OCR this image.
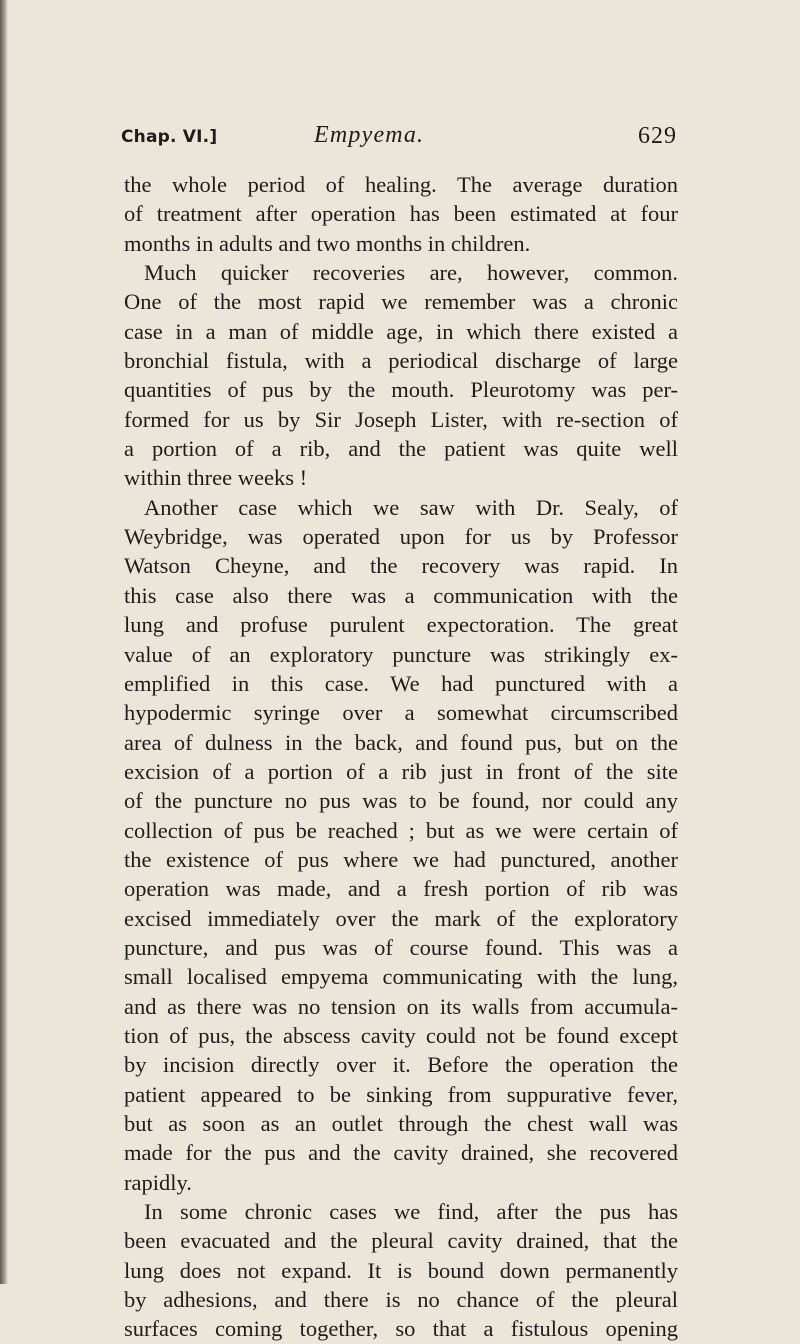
Chap. VI.]	Empyema.	629
the whole period of healing. The average duration
of treatment after operation has been estimated at four
months in adults and two months in children.
Much quicker recoveries are, however, common.
One of the most rapid we remember was a chronic
case in a man of middle age, in which there existed a
bronchial fistula, with a periodical discharge of large
quantities of pus by the mouth. Pleurotomy was per-
formed for us by Sir Joseph Lister, with re-section of
a portion of a rib, and the patient was quite well
within three weeks !
Another case which we saw with Dr. Sealy, of
Weybridge, was operated upon for us by Professor
Watson Cheyne, and the recovery was rapid. In
this case also there was a communication with the
lung and profuse purulent expectoration. The great
value of an exploratory puncture was strikingly ex-
emplified in this case. We had punctured with a
hypodermic syringe over a somewhat circumscribed
area of dulness in the back, and found pus, but on the
excision of a portion of a rib just in front of the site
of the puncture no pus was to be found, nor could any
collection of pus be reached ; but as we were certain of
the existence of pus where we had punctured, another
operation was made, and a fresh portion of rib was
excised immediately over the mark of the exploratory
puncture, and pus was of course found. This was a
small localised empyema communicating with the lung,
and as there was no tension on its walls from accumula-
tion of pus, the abscess cavity could not be found except
by incision directly over it. Before the operation the
patient appeared to be sinking from suppurative fever,
but as soon as an outlet through the chest wall was
made for the pus and the cavity drained, she recovered
rapidly.
In some chronic cases we find, after the pus has
been evacuated and the pleural cavity drained, that the
lung does not expand. It is bound down permanently
by adhesions, and there is no chance of the pleural
surfaces coming together, so that a fistulous opening
